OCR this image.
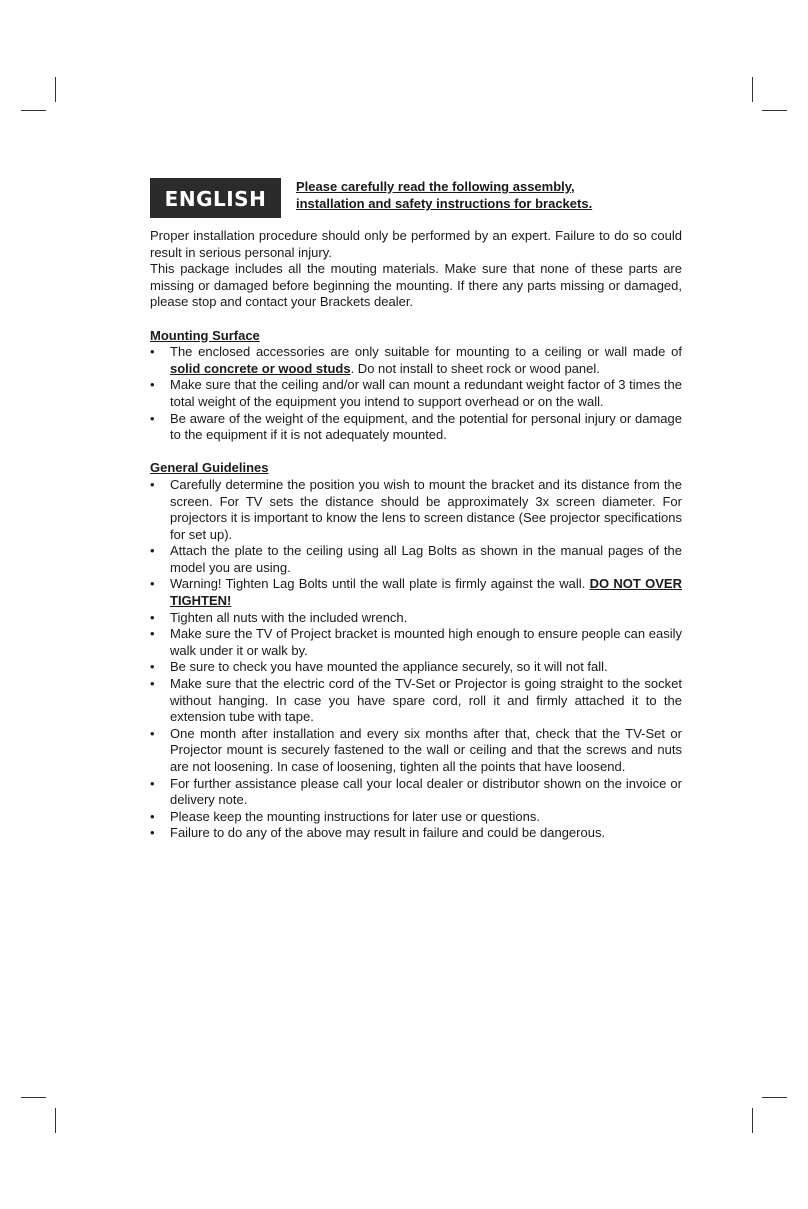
ENGLISH
Please carefully read the following assembly,
installation and safety instructions for brackets.

Proper installation procedure should only be performed by an expert. Failure to do so could result in serious personal injury.

This package includes all the mouting materials. Make sure that none of these parts are missing or damaged before beginning the mounting. If there any parts missing or damaged, please stop and contact your Brackets dealer.

Mounting Surface
• The enclosed accessories are only suitable for mounting to a ceiling or wall made of solid concrete or wood studs. Do not install to sheet rock or wood panel.
• Make sure that the ceiling and/or wall can mount a redundant weight factor of 3 times the total weight of the equipment you intend to support overhead or on the wall.
• Be aware of the weight of the equipment, and the potential for personal injury or damage to the equipment if it is not adequately mounted.
General Guidelines
• Carefully determine the position you wish to mount the bracket and its distance from the screen. For TV sets the distance should be approximately 3x screen diameter. For projectors it is important to know the lens to screen distance (See projector specifications for set up).
• Attach the plate to the ceiling using all Lag Bolts as shown in the manual pages of the model you are using.
• Warning! Tighten Lag Bolts until the wall plate is firmly against the wall. DO NOT OVER TIGHTEN!
• Tighten all nuts with the included wrench.
• Make sure the TV of Project bracket is mounted high enough to ensure people can easily walk under it or walk by.
• Be sure to check you have mounted the appliance securely, so it will not fall.
• Make sure that the electric cord of the TV-Set or Projector is going straight to the socket without hanging. In case you have spare cord, roll it and firmly attached it to the extension tube with tape.
• One month after installation and every six months after that, check that the TV-Set or Projector mount is securely fastened to the wall or ceiling and that the screws and nuts are not loosening. In case of loosening, tighten all the points that have loosend.
• For further assistance please call your local dealer or distributor shown on the invoice or delivery note.
• Please keep the mounting instructions for later use or questions.
• Failure to do any of the above may result in failure and could be dangerous.
